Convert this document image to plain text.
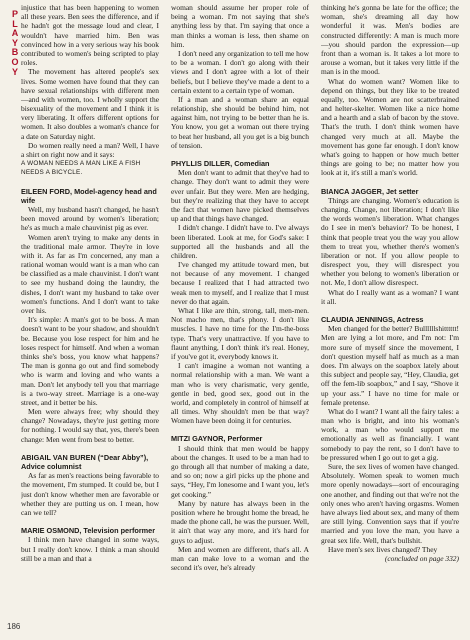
P
L
A
Y
B
O
Y
186

injustice that has been happening to women all these years. Ben sees the difference, and if he hadn't got the message loud and clear, I wouldn't have married him. Ben was convinced how in a very serious way his book contributed to women's being scripted to play roles.

The movement has altered people's sex lives. Some women have found that they can have sexual relationships with different men—and with women, too. I wholly support the bisexuality of the movement and I think it is very liberating. It offers different options for women. It also doubles a woman's chance for a date on Saturday night.

Do women really need a man? Well, I have a shirt on right now and it says:

A WOMAN NEEDS A MAN LIKE A FISH NEEDS A BICYCLE.

EILEEN FORD, Model-agency head and wife

Well, my husband hasn't changed, he hasn't been moved around by women's liberation; he's as much a male chauvinist pig as ever.

Women aren't trying to make any dents in the traditional male armor. They're in love with it. As far as I'm concerned, any man a rational woman would want is a man who can be classified as a male chauvinist. I don't want to see my husband doing the laundry, the dishes, I don't want my husband to take over women's functions. And I don't want to take over his.

It's simple: A man's got to be boss. A man doesn't want to be your shadow, and shouldn't be. Because you lose respect for him and he loses respect for himself. And when a woman thinks she's boss, you know what happens? The man is gonna go out and find somebody who is warm and loving and who wants a man. Don't let anybody tell you that marriage is a two-way street. Marriage is a one-way street, and it better be his.

Men were always free; why should they change? Nowadays, they're just getting more for nothing. I would say that, yes, there's been change: Men went from best to better.

ABIGAIL VAN BUREN (“Dear Abby”), Advice columnist

As far as men's reactions being favorable to the movement, I'm stumped. It could be, but I just don't know whether men are favorable or whether they are putting us on. I mean, how can we tell?

MARIE OSMOND, Television performer

I think men have changed in some ways, but I really don't know. I think a man should still be a man and that a

woman should assume her proper role of being a woman. I'm not saying that she's anything less by that. I'm saying that once a man thinks a woman is less, then shame on him.

I don't need any organization to tell me how to be a woman. I don't go along with their views and I don't agree with a lot of their beliefs, but I believe they've made a dent to a certain extent to a certain type of woman.

If a man and a woman share an equal relationship, she should be behind him, not against him, not trying to be better than he is. You know, you get a woman out there trying to beat her husband, all you get is a big bunch of tension.

PHYLLIS DILLER, Comedian

Men don't want to admit that they've had to change. They don't want to admit they were ever unfair. But they were. Men are hedging, but they're realizing that they have to accept the fact that women have picked themselves up and that things have changed.

I didn't change. I didn't have to. I've always been liberated. Look at me, for God's sake: I supported all the husbands and all the children.

I've changed my attitude toward men, but not because of any movement. I changed because I realized that I had attracted two weak men to myself, and I realize that I must never do that again.

What I like are thin, strong, tall, men-men. Not macho men, that's phony. I don't like muscles. I have no time for the I'm-the-boss type. That's very unattractive. If you have to flaunt anything, I don't think it's real. Honey, if you've got it, everybody knows it.

I can't imagine a woman not wanting a normal relationship with a man. We want a man who is very charismatic, very gentle, gentle in bed, good sex, good out in the world, and completely in control of himself at all times. Why shouldn't men be that way? Women have been doing it for centuries.

MITZI GAYNOR, Performer

I should think that men would be happy about the changes. It used to be a man had to go through all that number of making a date, and so on; now a girl picks up the phone and says, “Hey, I'm lonesome and I want you, let's get cooking.”

Many by nature has always been in the position where he brought home the bread, he made the phone call, he was the pursuer. Well, it ain't that way any more, and it's hard for guys to adjust.

Men and women are different, that's all. A man can make love to a woman and the second it's over, he's already

thinking he's gonna be late for the office; the woman, she's dreaming all day how wonderful it was. Men's bodies are constructed differently: A man is much more—you should pardon the expression—up front than a woman is. It takes a lot more to arouse a woman, but it takes very little if the man is in the mood.

What do women want? Women like to depend on things, but they like to be treated equally, too. Women are not scatterbrained and helter-skelter. Women like a nice home and a hearth and a slab of bacon by the stove. That's the truth. I don't think women have changed very much at all. Maybe the movement has gone far enough. I don't know what's going to happen or how much better things are going to be; no matter how you look at it, it's still a man's world.

BIANCA JAGGER, Jet setter

Things are changing. Women's education is changing. Change, not liberation; I don't like the words women's liberation. What changes do I see in men's behavior? To be honest, I think that people treat you the way you allow them to treat you, whether there's women's liberation or not. If you allow people to disrespect you, they will disrespect you whether you belong to women's liberation or not. Me, I don't allow disrespect.

What do I really want as a woman? I want it all.

CLAUDIA JENNINGS, Actress

Men changed for the better? Bullllllshitttttt! Men are lying a lot more, and I'm not: I'm more sure of myself since the movement, I don't question myself half as much as a man does. I'm always on the soapbox lately about this subject and people say, “Hey, Claudia, get off the fem-lib soapbox,” and I say, “Shove it up your ass.” I have no time for male or female pretense.

What do I want? I want all the fairy tales: a man who is bright, and into his woman's work, a man who would support me emotionally as well as financially. I want somebody to pay the rent, so I don't have to be pressured when I go out to get a gig.

Sure, the sex lives of women have changed. Absolutely. Women speak to women much more openly nowadays—sort of encouraging one another, and finding out that we're not the only ones who aren't having orgasms. Women have always lied about sex, and many of them are still lying. Convention says that if you're married and you love the man, you have a great sex life. Well, that's bullshit.

Have men's sex lives changed? They

(concluded on page 332)
